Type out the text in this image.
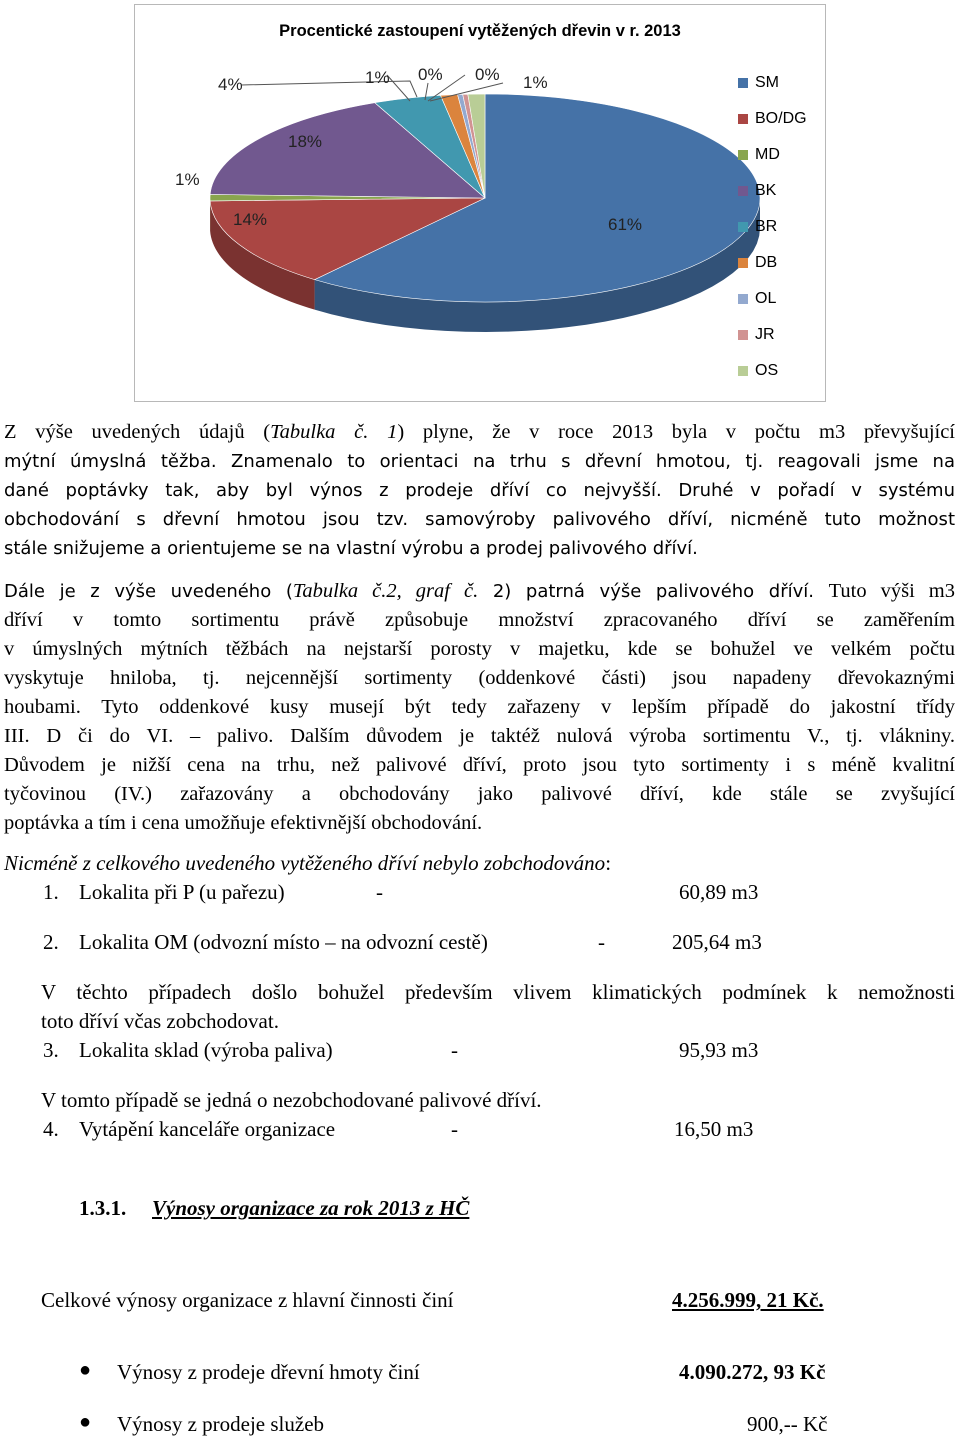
Procentické zastoupení vytěžených dřevin v r. 2013
61%
14%
1%
18%
4%	1% 0% 0% 1%	SM
BO/DG
MD
BK
BR
DB
OL
JR
OS
Z výše uvedených údajů (Tabulka č. 1) plyne, že v roce 2013 byla v počtu m3 převyšující
mýtní úmyslná těžba. Znamenalo to orientaci na trhu s dřevní hmotou, tj. reagovali jsme na
dané poptávky tak, aby byl výnos z prodeje dříví co nejvyšší. Druhé v pořadí v systému
obchodování s dřevní hmotou jsou tzv. samovýroby palivového dříví, nicméně tuto možnost
stále snižujeme a orientujeme se na vlastní výrobu a prodej palivového dříví.
Dále je z výše uvedeného (Tabulka č.2, graf č. 2) patrná výše palivového dříví. Tuto výši m3
dříví v tomto sortimentu právě způsobuje množství zpracovaného dříví se zaměřením
v úmyslných mýtních těžbách na nejstarší porosty v majetku, kde se bohužel ve velkém počtu
vyskytuje hniloba, tj. nejcennější sortimenty (oddenkové části) jsou napadeny dřevokaznými
houbami. Tyto oddenkové kusy musejí být tedy zařazeny v lepším případě do jakostní třídy
III. D či do VI. – palivo. Dalším důvodem je taktéž nulová výroba sortimentu V., tj. vlákniny.
Důvodem je nižší cena na trhu, než palivové dříví, proto jsou tyto sortimenty i s méně kvalitní
tyčovinou (IV.) zařazovány a obchodovány jako palivové dříví, kde stále se zvyšující
poptávka a tím i cena umožňuje efektivnější obchodování.
Nicméně z celkového uvedeného vytěženého dříví nebylo zobchodováno:
1. Lokalita při P (u pařezu)	-	60,89 m3
2. Lokalita OM (odvozní místo – na odvozní cestě)	-	205,64 m3
V těchto případech došlo bohužel především vlivem klimatických podmínek k nemožnosti
toto dříví včas zobchodovat.
3. Lokalita sklad (výroba paliva)	-	95,93 m3
V tomto případě se jedná o nezobchodované palivové dříví.
4. Vytápění kanceláře organizace	-	16,50 m3
1.3.1. Výnosy organizace za rok 2013 z HČ
Celkové výnosy organizace z hlavní činnosti činí	4.256.999, 21 Kč.
● Výnosy z prodeje dřevní hmoty činí	4.090.272, 93 Kč
● Výnosy z prodeje služeb	900,-- Kč
